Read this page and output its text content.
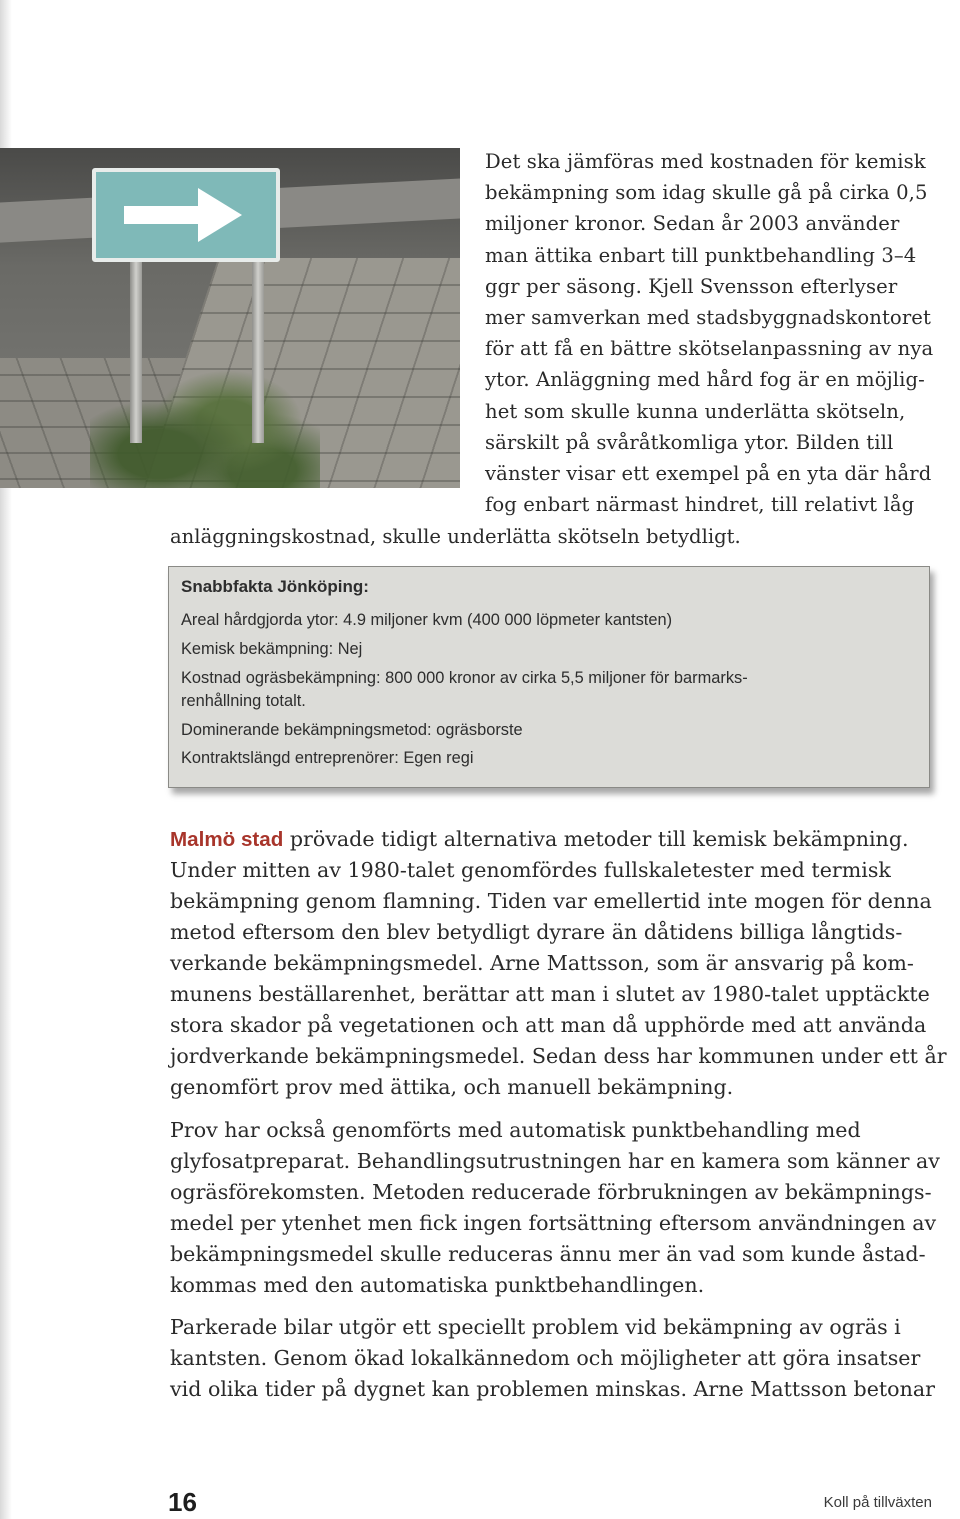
Det ska jämföras med kostnaden för kemisk
bekämpning som idag skulle gå på cirka 0,5
miljoner kronor. Sedan år 2003 använder
man ättika enbart till punktbehandling 3–4
ggr per säsong. Kjell Svensson efterlyser
mer samverkan med stadsbyggnadskontoret
för att få en bättre skötselanpassning av nya
ytor. Anläggning med hård fog är en möjlig-
het som skulle kunna underlätta skötseln,
särskilt på svåråtkomliga ytor. Bilden till
vänster visar ett exempel på en yta där hård
fog enbart närmast hindret, till relativt låg
anläggningskostnad, skulle underlätta skötseln betydligt.
Snabbfakta Jönköping:
Areal hårdgjorda ytor: 4.9 miljoner kvm (400 000 löpmeter kantsten)
Kemisk bekämpning: Nej
Kostnad ogräsbekämpning: 800 000 kronor av cirka 5,5 miljoner för barmarks-
renhållning totalt.
Dominerande bekämpningsmetod: ogräsborste
Kontraktslängd entreprenörer: Egen regi
Malmö stad prövade tidigt alternativa metoder till kemisk bekämpning.
Under mitten av 1980-talet genomfördes fullskaletester med termisk
bekämpning genom flamning. Tiden var emellertid inte mogen för denna
metod eftersom den blev betydligt dyrare än dåtidens billiga långtids-
verkande bekämpningsmedel. Arne Mattsson, som är ansvarig på kom-
munens beställarenhet, berättar att man i slutet av 1980-talet upptäckte
stora skador på vegetationen och att man då upphörde med att använda
jordverkande bekämpningsmedel. Sedan dess har kommunen under ett år
genomfört prov med ättika, och manuell bekämpning.
Prov har också genomförts med automatisk punktbehandling med
glyfosatpreparat. Behandlingsutrustningen har en kamera som känner av
ogräsförekomsten. Metoden reducerade förbrukningen av bekämpnings-
medel per ytenhet men fick ingen fortsättning eftersom användningen av
bekämpningsmedel skulle reduceras ännu mer än vad som kunde åstad-
kommas med den automatiska punktbehandlingen.
Parkerade bilar utgör ett speciellt problem vid bekämpning av ogräs i
kantsten. Genom ökad lokalkännedom och möjligheter att göra insatser
vid olika tider på dygnet kan problemen minskas. Arne Mattsson betonar
16	Koll på tillväxten
